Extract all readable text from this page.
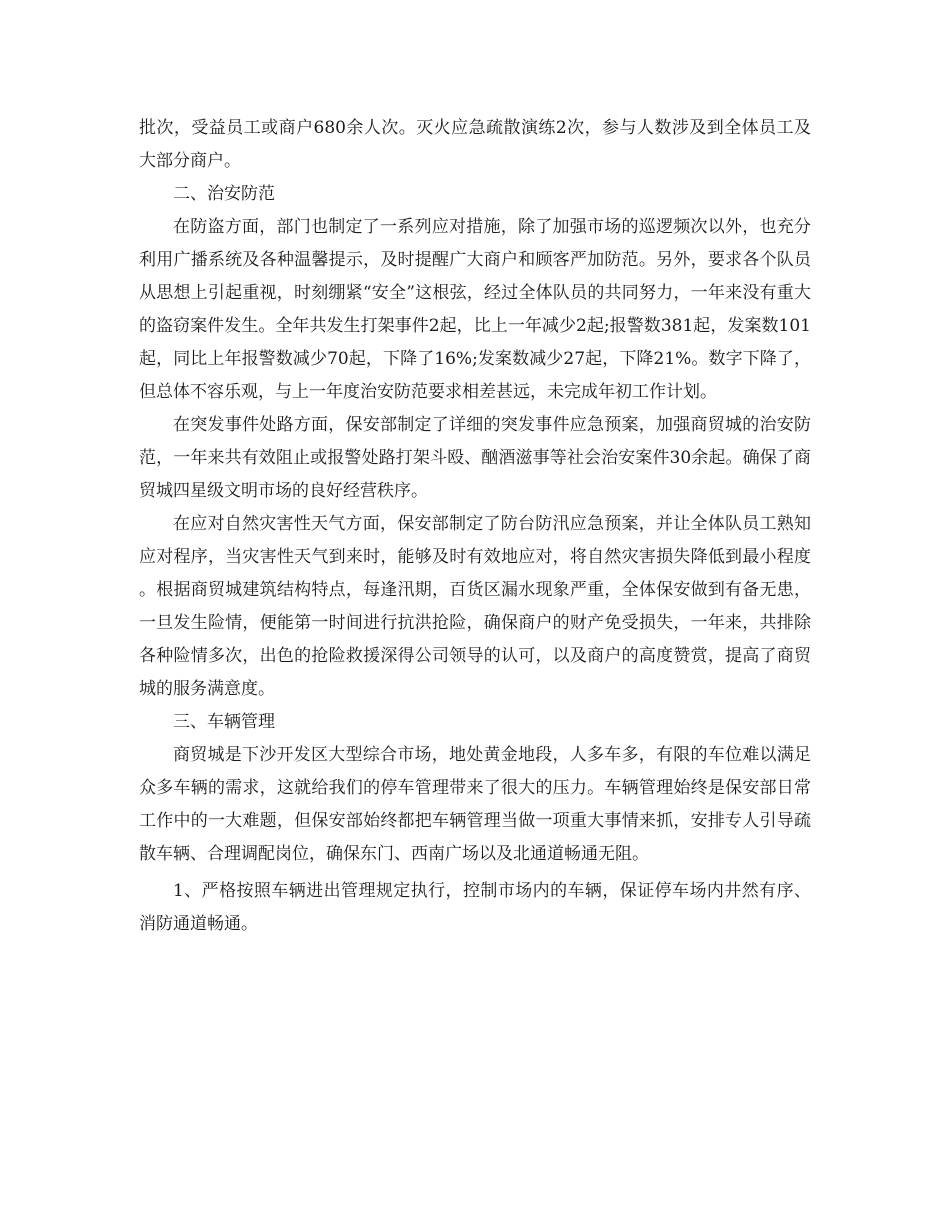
批次，受益员工或商户680余人次。灭火应急疏散演练2次，参与人数涉及到全体员工及大部分商户。

二、治安防范

在防盗方面，部门也制定了一系列应对措施，除了加强市场的巡逻频次以外，也充分利用广播系统及各种温馨提示，及时提醒广大商户和顾客严加防范。另外，要求各个队员从思想上引起重视，时刻绷紧“安全”这根弦，经过全体队员的共同努力，一年来没有重大的盗窃案件发生。全年共发生打架事件2起，比上一年减少2起;报警数381起，发案数101起，同比上年报警数减少70起，下降了16%;发案数减少27起，下降21%。数字下降了，但总体不容乐观，与上一年度治安防范要求相差甚远，未完成年初工作计划。

在突发事件处路方面，保安部制定了详细的突发事件应急预案，加强商贸城的治安防范，一年来共有效阻止或报警处路打架斗殴、酗酒滋事等社会治安案件30余起。确保了商贸城四星级文明市场的良好经营秩序。

在应对自然灾害性天气方面，保安部制定了防台防汛应急预案，并让全体队员工熟知应对程序，当灾害性天气到来时，能够及时有效地应对，将自然灾害损失降低到最小程度。根据商贸城建筑结构特点，每逢汛期，百货区漏水现象严重，全体保安做到有备无患，一旦发生险情，便能第一时间进行抗洪抢险，确保商户的财产免受损失，一年来，共排除各种险情多次，出色的抢险救援深得公司领导的认可，以及商户的高度赞赏，提高了商贸城的服务满意度。

三、车辆管理

商贸城是下沙开发区大型综合市场，地处黄金地段，人多车多，有限的车位难以满足众多车辆的需求，这就给我们的停车管理带来了很大的压力。车辆管理始终是保安部日常工作中的一大难题，但保安部始终都把车辆管理当做一项重大事情来抓，安排专人引导疏散车辆、合理调配岗位，确保东门、西南广场以及北通道畅通无阻。

1、严格按照车辆进出管理规定执行，控制市场内的车辆，保证停车场内井然有序、消防通道畅通。
